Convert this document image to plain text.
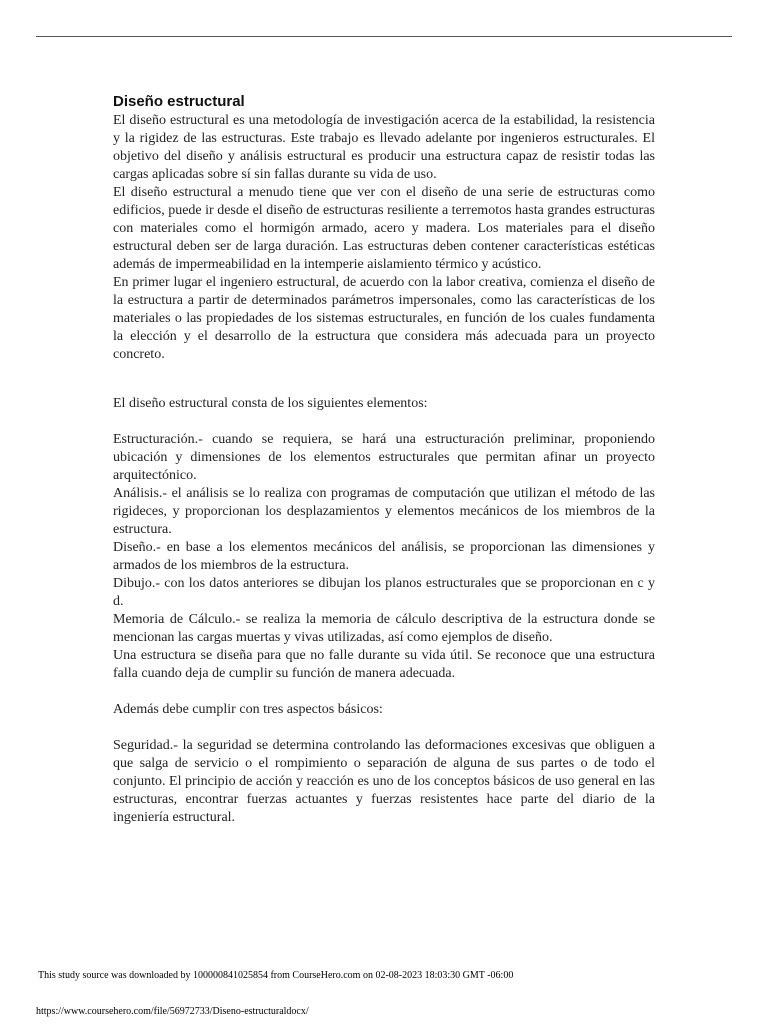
Diseño estructural

El diseño estructural es una metodología de investigación acerca de la estabilidad, la resistencia y la rigidez de las estructuras. Este trabajo es llevado adelante por ingenieros estructurales. El objetivo del diseño y análisis estructural es producir una estructura capaz de resistir todas las cargas aplicadas sobre sí sin fallas durante su vida de uso.

El diseño estructural a menudo tiene que ver con el diseño de una serie de estructuras como edificios, puede ir desde el diseño de estructuras resiliente a terremotos hasta grandes estructuras con materiales como el hormigón armado, acero y madera. Los materiales para el diseño estructural deben ser de larga duración. Las estructuras deben contener características estéticas además de impermeabilidad en la intemperie aislamiento térmico y acústico.

En primer lugar el ingeniero estructural, de acuerdo con la labor creativa, comienza el diseño de la estructura a partir de determinados parámetros impersonales, como las características de los materiales o las propiedades de los sistemas estructurales, en función de los cuales fundamenta la elección y el desarrollo de la estructura que considera más adecuada para un proyecto concreto.

El diseño estructural consta de los siguientes elementos:

Estructuración.- cuando se requiera, se hará una estructuración preliminar, proponiendo ubicación y dimensiones de los elementos estructurales que permitan afinar un proyecto arquitectónico.

Análisis.- el análisis se lo realiza con programas de computación que utilizan el método de las rigideces, y proporcionan los desplazamientos y elementos mecánicos de los miembros de la estructura.

Diseño.- en base a los elementos mecánicos del análisis, se proporcionan las dimensiones y armados de los miembros de la estructura.

Dibujo.- con los datos anteriores se dibujan los planos estructurales que se proporcionan en c y d.

Memoria de Cálculo.- se realiza la memoria de cálculo descriptiva de la estructura donde se mencionan las cargas muertas y vivas utilizadas, así como ejemplos de diseño.

Una estructura se diseña para que no falle durante su vida útil. Se reconoce que una estructura falla cuando deja de cumplir su función de manera adecuada.

Además debe cumplir con tres aspectos básicos:

Seguridad.- la seguridad se determina controlando las deformaciones excesivas que obliguen a que salga de servicio o el rompimiento o separación de alguna de sus partes o de todo el conjunto. El principio de acción y reacción es uno de los conceptos básicos de uso general en las estructuras, encontrar fuerzas actuantes y fuerzas resistentes hace parte del diario de la ingeniería estructural.

This study source was downloaded by 100000841025854 from CourseHero.com on 02-08-2023 18:03:30 GMT -06:00
https://www.coursehero.com/file/56972733/Diseno-estructuraldocx/
